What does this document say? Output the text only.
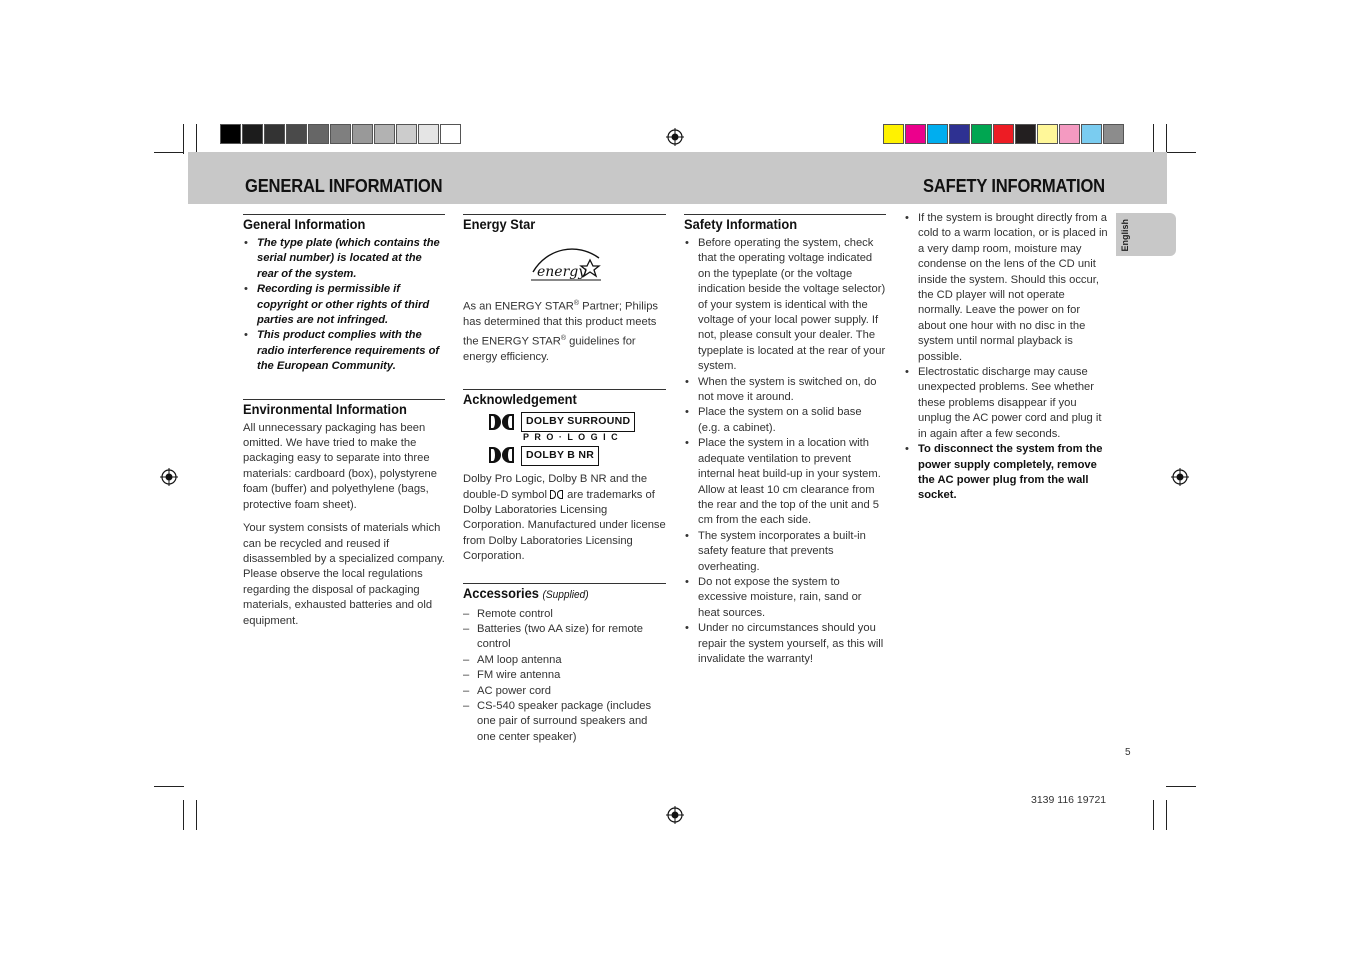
GENERAL INFORMATION	SAFETY INFORMATION
English
General Information
• The type plate (which contains the serial number) is located at the rear of the system.
• Recording is permissible if copyright or other rights of third parties are not infringed.
• This product complies with the radio interference requirements of the European Community.
Environmental Information

All unnecessary packaging has been omitted. We have tried to make the packaging easy to separate into three materials: cardboard (box), polystyrene foam (buffer) and polyethylene (bags, protective foam sheet).

Your system consists of materials which can be recycled and reused if disassembled by a specialized company. Please observe the local regulations regarding the disposal of packaging materials, exhausted batteries and old equipment.

Energy Star
energy

As an ENERGY STAR® Partner; Philips has determined that this product meets the ENERGY STAR® guidelines for energy efficiency.

Acknowledgement
DOLBY SURROUND
P R O · L O G I C
DOLBY B NR

Dolby Pro Logic, Dolby B NR and the double-D symbol
are trademarks of Dolby Laboratories Licensing Corporation. Manufactured under license from Dolby Laboratories Licensing Corporation.

Accessories (Supplied)
– Remote control
– Batteries (two AA size) for remote control
– AM loop antenna
– FM wire antenna
– AC power cord
– CS-540 speaker package (includes one pair of surround speakers and one center speaker)
Safety Information
• Before operating the system, check that the operating voltage indicated on the typeplate (or the voltage indication beside the voltage selector) of your system is identical with the voltage of your local power supply. If not, please consult your dealer. The typeplate is located at the rear of your system.
• When the system is switched on, do not move it around.
• Place the system on a solid base (e.g. a cabinet).
• Place the system in a location with adequate ventilation to prevent internal heat build-up in your system. Allow at least 10 cm clearance from the rear and the top of the unit and 5 cm from the each side.
• The system incorporates a built-in safety feature that prevents overheating.
• Do not expose the system to excessive moisture, rain, sand or heat sources.
• Under no circumstances should you repair the system yourself, as this will invalidate the warranty!
• If the system is brought directly from a cold to a warm location, or is placed in a very damp room, moisture may condense on the lens of the CD unit inside the system. Should this occur, the CD player will not operate normally. Leave the power on for about one hour with no disc in the system until normal playback is possible.
• Electrostatic discharge may cause unexpected problems. See whether these problems disappear if you unplug the AC power cord and plug it in again after a few seconds.
• To disconnect the system from the power supply completely, remove the AC power plug from the wall socket.
5
3139 116 19721
